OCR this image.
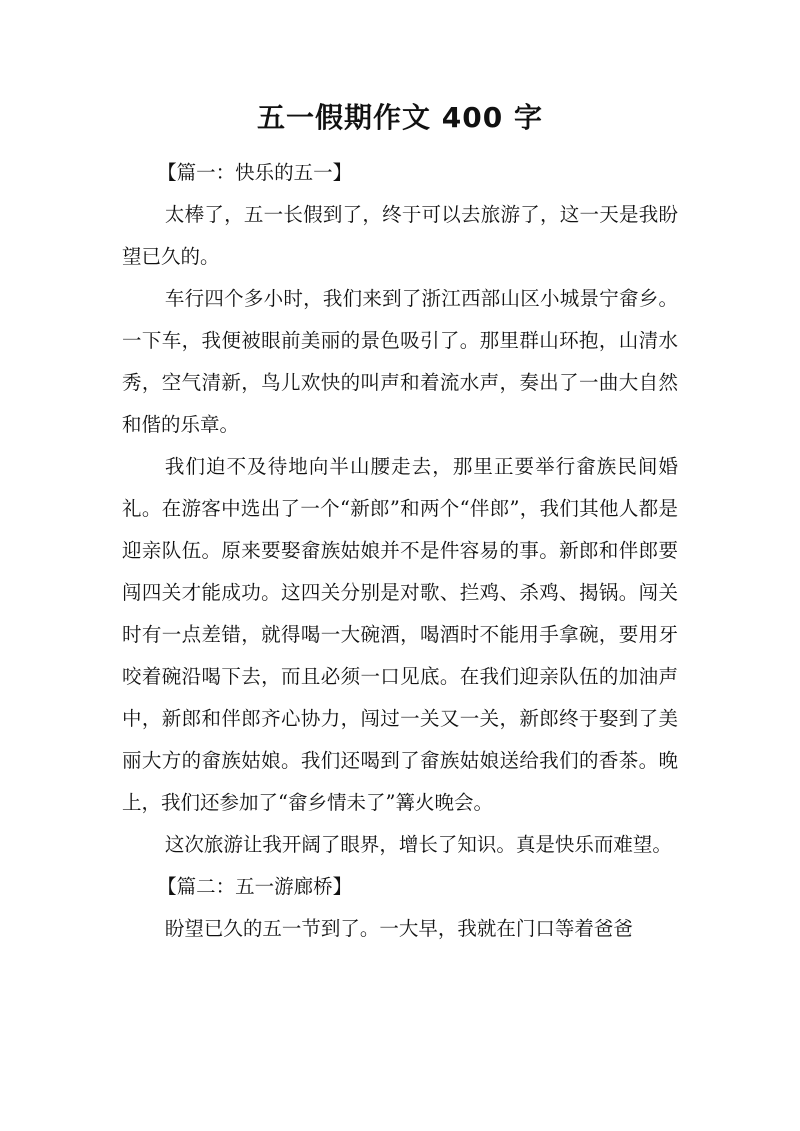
五一假期作文 400 字

【篇一：快乐的五一】

太棒了，五一长假到了，终于可以去旅游了，这一天是我盼望已久的。

车行四个多小时，我们来到了浙江西部山区小城景宁畲乡。一下车，我便被眼前美丽的景色吸引了。那里群山环抱，山清水秀，空气清新，鸟儿欢快的叫声和着流水声，奏出了一曲大自然和偕的乐章。

我们迫不及待地向半山腰走去，那里正要举行畲族民间婚礼。在游客中选出了一个“新郎”和两个“伴郎”，我们其他人都是迎亲队伍。原来要娶畲族姑娘并不是件容易的事。新郎和伴郎要闯四关才能成功。这四关分别是对歌、拦鸡、杀鸡、揭锅。闯关时有一点差错，就得喝一大碗酒，喝酒时不能用手拿碗，要用牙咬着碗沿喝下去，而且必须一口见底。在我们迎亲队伍的加油声中，新郎和伴郎齐心协力，闯过一关又一关，新郎终于娶到了美丽大方的畲族姑娘。我们还喝到了畲族姑娘送给我们的香茶。晚上，我们还参加了“畲乡情未了”篝火晚会。

这次旅游让我开阔了眼界，增长了知识。真是快乐而难望。

【篇二：五一游廊桥】

盼望已久的五一节到了。一大早，我就在门口等着爸爸
